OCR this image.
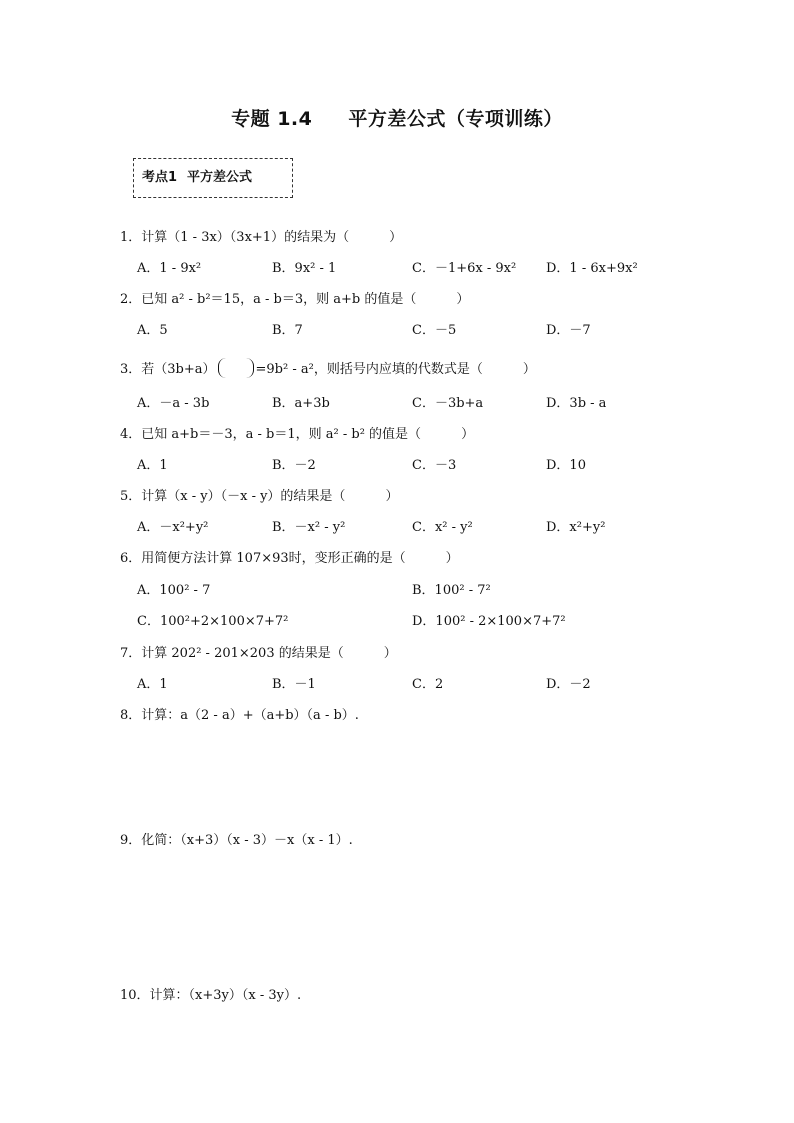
专题 1.4 平方差公式（专项训练）
考点1 平方差公式
1．计算（1 - 3x）（3x+1）的结果为（	）
A．1 - 9x²	B．9x² - 1	C．－1+6x - 9x² D．1 - 6x+9x²
2．已知 a² - b²＝15，a - b＝3，则 a+b 的值是（	）
A．5	B．7	C．－5	D．－7
3．若（3b+a）	=9b² - a²，则括号内应填的代数式是（	）
A．－a - 3b	B．a+3b	C．－3b+a	D．3b - a
4．已知 a+b＝－3，a - b＝1，则 a² - b² 的值是（	）
A．1	B．－2	C．－3	D．10
5．计算（x - y）（－x - y）的结果是（	）
A．－x²+y²	B．－x² - y²	C．x² - y²	D．x²+y²
6．用简便方法计算 107×93时，变形正确的是（	）
A．100² - 7	B．100² - 7²
C．100²+2×100×7+7²	D．100² - 2×100×7+7²
7．计算 202² - 201×203 的结果是（	）
A．1	B．－1	C．2	D．－2
8．计算：a（2 - a）+（a+b）（a - b）.
9．化简：（x+3）（x - 3）－x（x - 1）.
10．计算：（x+3y）（x - 3y）.
